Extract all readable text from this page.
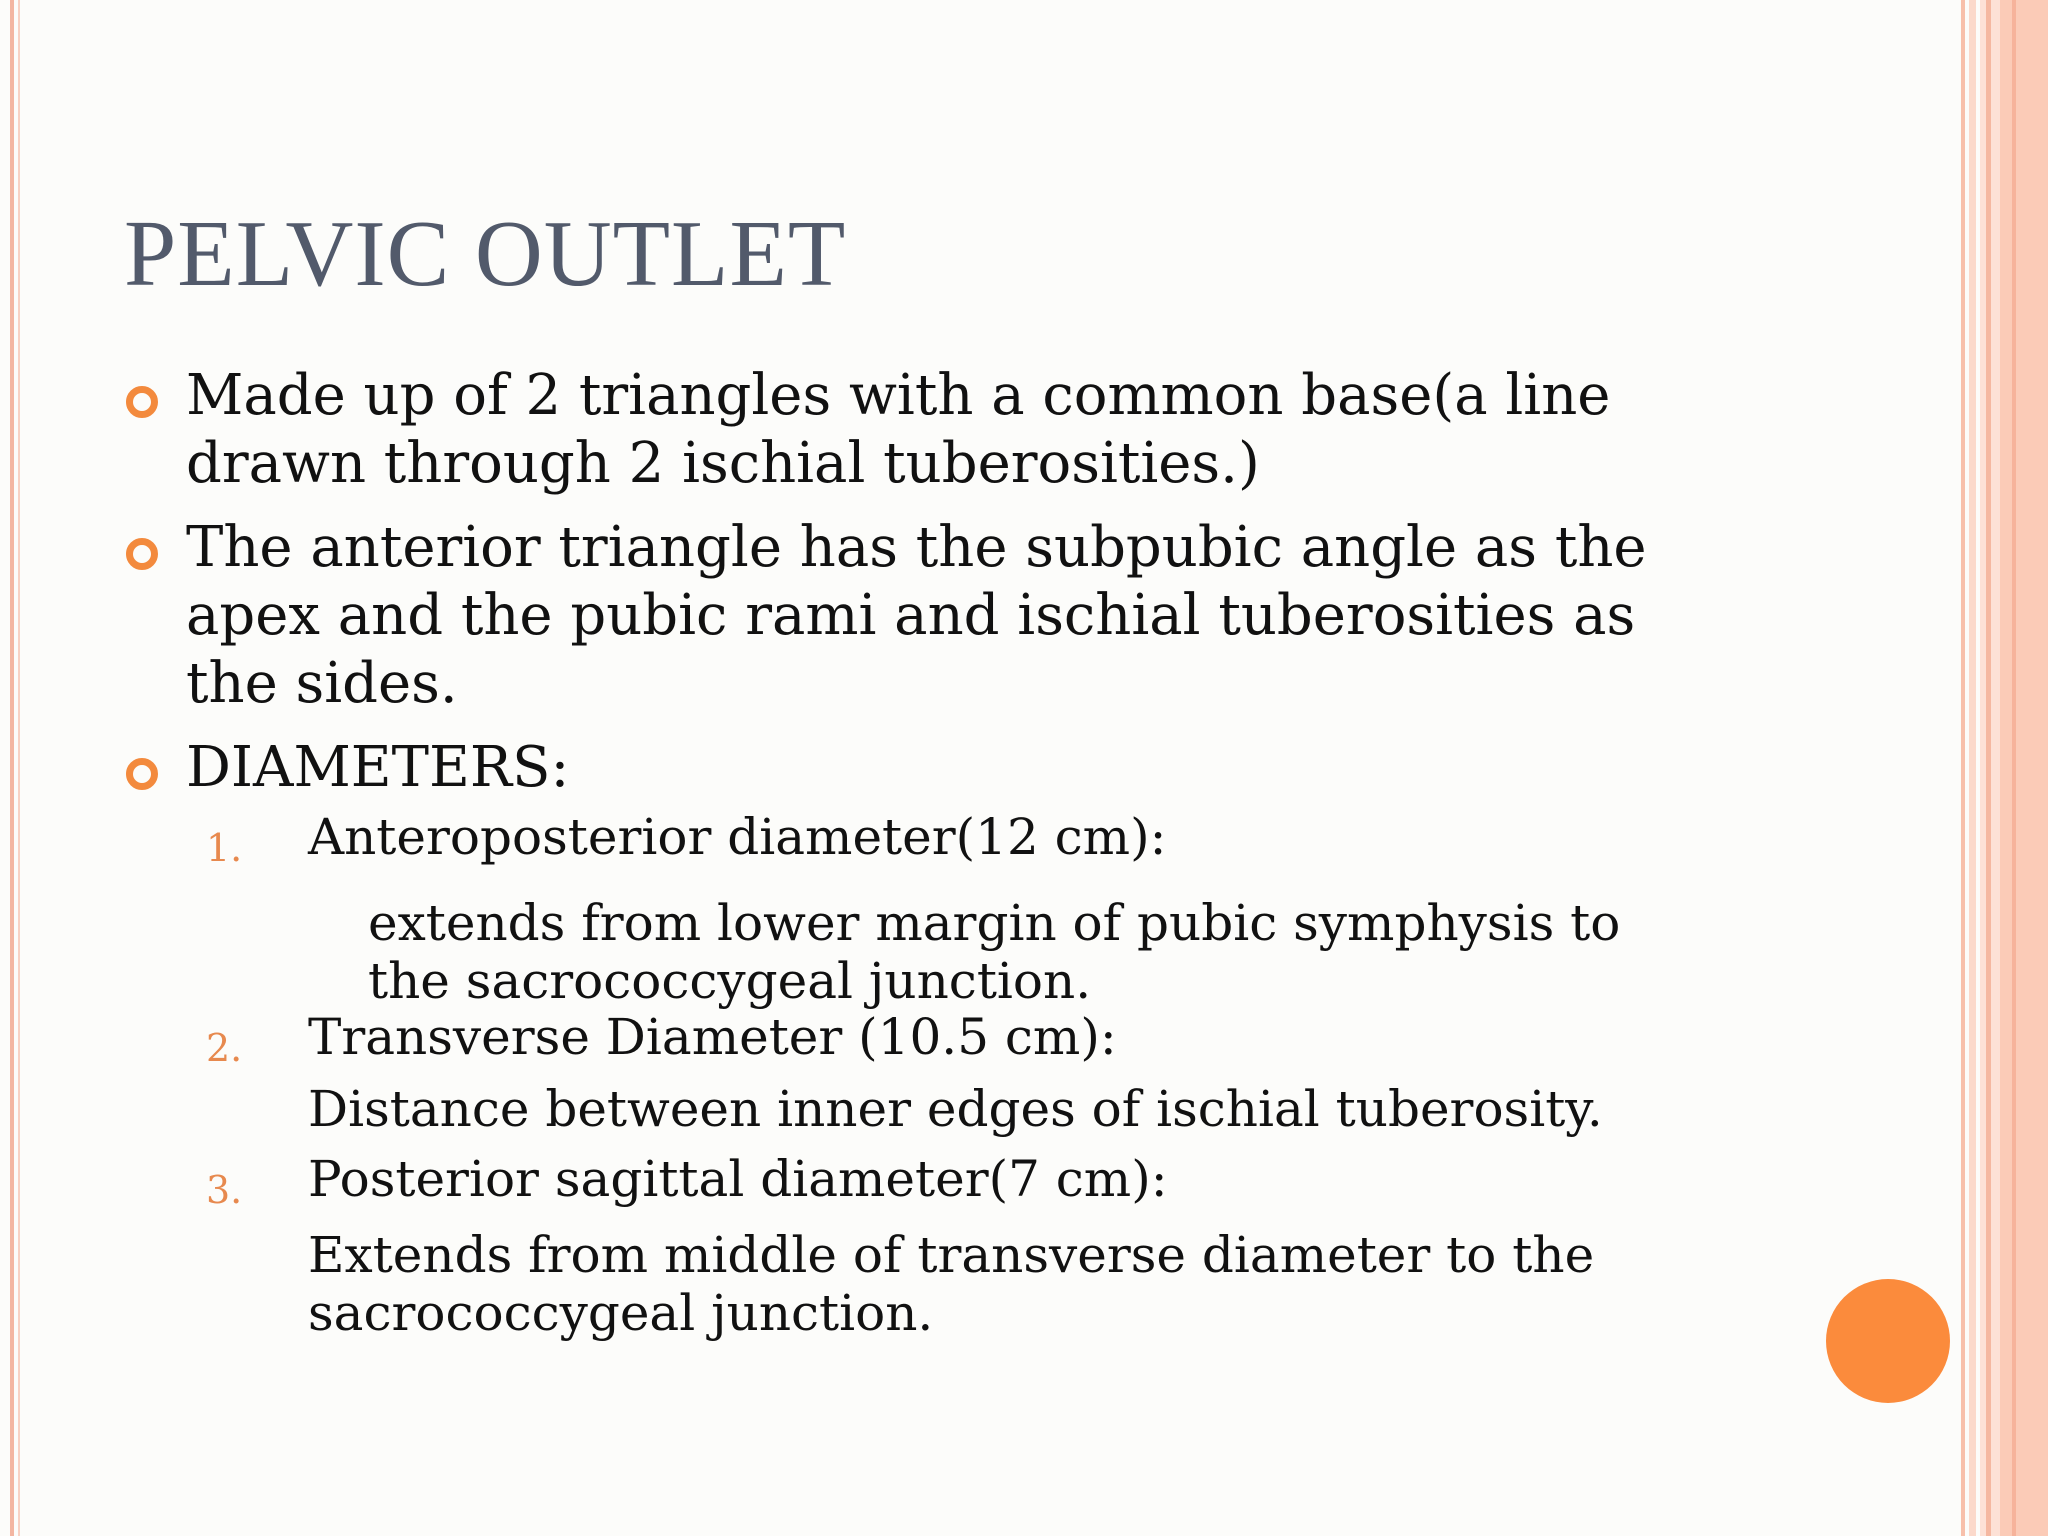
PELVIC OUTLET
Made up of 2 triangles with a common base(a line drawn through 2 ischial tuberosities.)
The anterior triangle has the subpubic angle as the apex and the pubic rami and ischial tuberosities as the sides.
DIAMETERS:
1. Anteroposterior diameter(12 cm):
extends from lower margin of pubic symphysis to the sacrococcygeal junction.
2. Transverse Diameter (10.5 cm):
Distance between inner edges of ischial tuberosity.
3. Posterior sagittal diameter(7 cm):
Extends from middle of transverse diameter to the sacrococcygeal junction.
